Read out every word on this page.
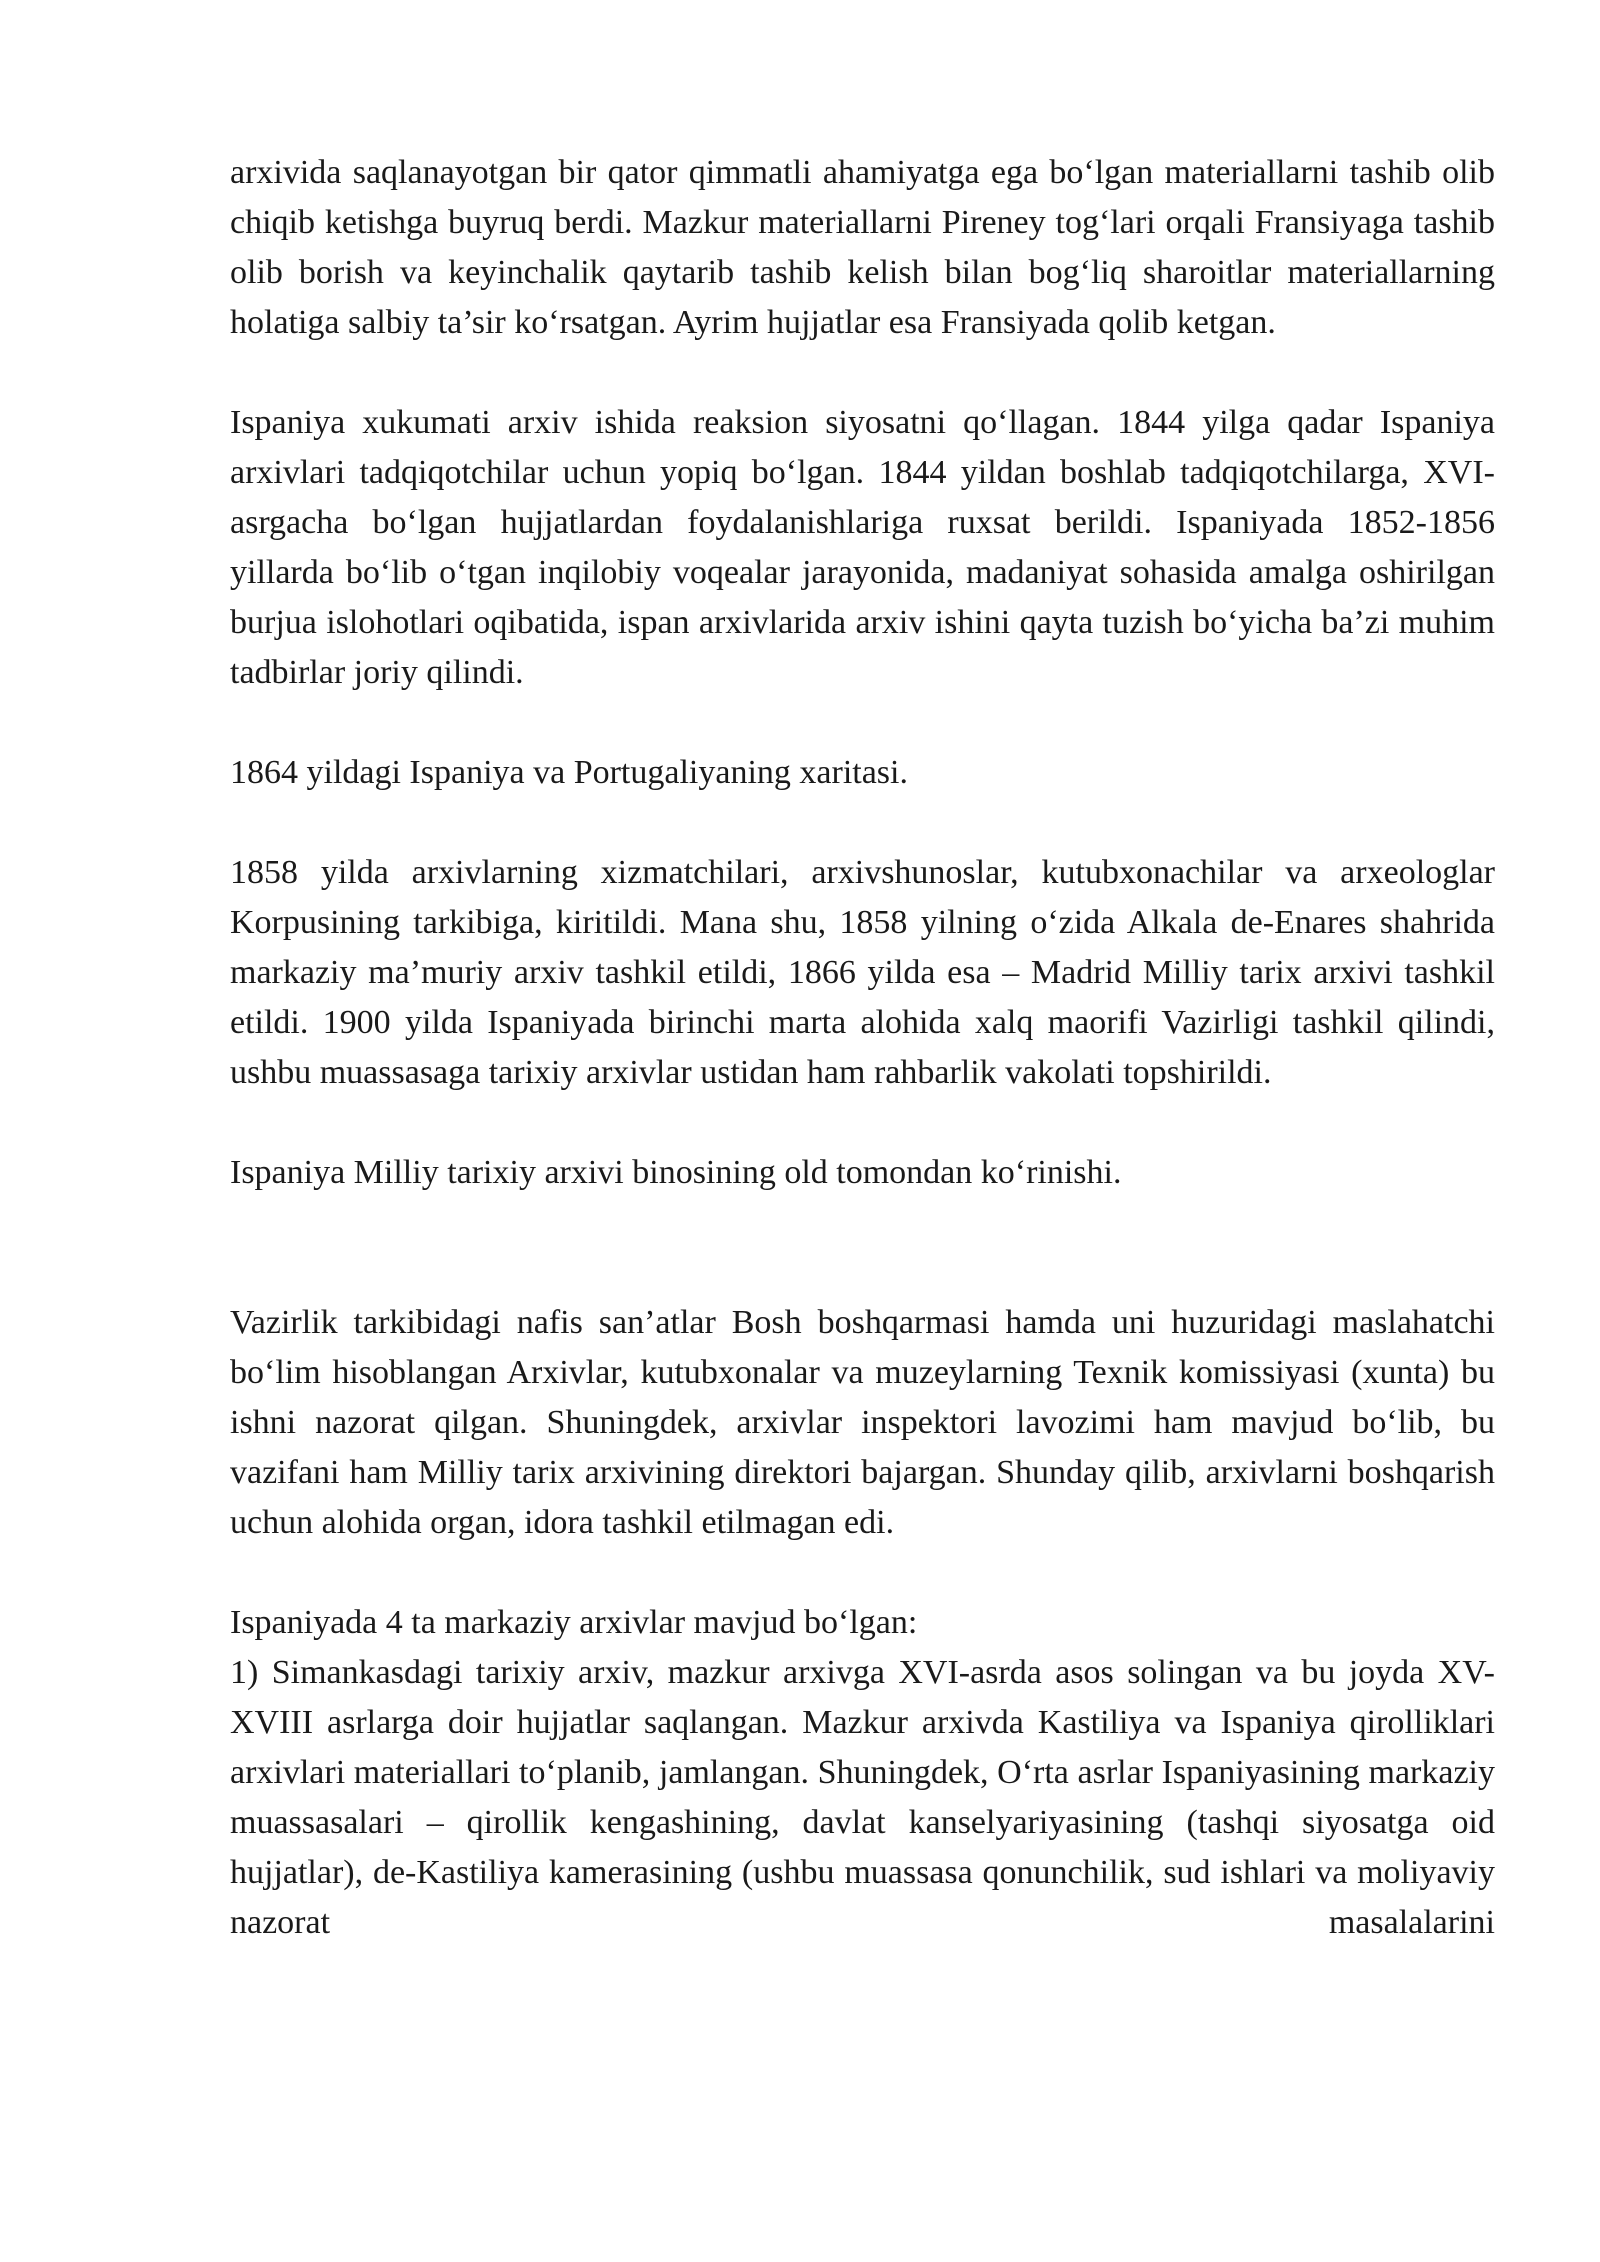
arxivida saqlanayotgan bir qator qimmatli ahamiyatga ega bo‘lgan materiallarni tashib olib chiqib ketishga buyruq berdi. Mazkur materiallarni Pireney tog‘lari orqali Fransiyaga tashib olib borish va keyinchalik qaytarib tashib kelish bilan bog‘liq sharoitlar materiallarning holatiga salbiy ta’sir ko‘rsatgan. Ayrim hujjatlar esa Fransiyada qolib ketgan.

Ispaniya xukumati arxiv ishida reaksion siyosatni qo‘llagan. 1844 yilga qadar Ispaniya arxivlari tadqiqotchilar uchun yopiq bo‘lgan. 1844 yildan boshlab tadqiqotchilarga, XVI-asrgacha bo‘lgan hujjatlardan foydalanishlariga ruxsat berildi. Ispaniyada 1852-1856 yillarda bo‘lib o‘tgan inqilobiy voqealar jarayonida, madaniyat sohasida amalga oshirilgan burjua islohotlari oqibatida, ispan arxivlarida arxiv ishini qayta tuzish bo‘yicha ba’zi muhim tadbirlar joriy qilindi.

1864 yildagi Ispaniya va Portugaliyaning xaritasi.

1858 yilda arxivlarning xizmatchilari, arxivshunoslar, kutubxonachilar va arxeologlar Korpusining tarkibiga, kiritildi. Mana shu, 1858 yilning o‘zida Alkala de-Enares shahrida markaziy ma’muriy arxiv tashkil etildi, 1866 yilda esa – Madrid Milliy tarix arxivi tashkil etildi. 1900 yilda Ispaniyada birinchi marta alohida xalq maorifi Vazirligi tashkil qilindi, ushbu muassasaga tarixiy arxivlar ustidan ham rahbarlik vakolati topshirildi.

Ispaniya Milliy tarixiy arxivi binosining old tomondan ko‘rinishi.

Vazirlik tarkibidagi nafis san’atlar Bosh boshqarmasi hamda uni huzuridagi maslahatchi bo‘lim hisoblangan Arxivlar, kutubxonalar va muzeylarning Texnik komissiyasi (xunta) bu ishni nazorat qilgan. Shuningdek, arxivlar inspektori lavozimi ham mavjud bo‘lib, bu vazifani ham Milliy tarix arxivining direktori bajargan. Shunday qilib, arxivlarni boshqarish uchun alohida organ, idora tashkil etilmagan edi.

Ispaniyada 4 ta markaziy arxivlar mavjud bo‘lgan:

1) Simankasdagi tarixiy arxiv, mazkur arxivga XVI-asrda asos solingan va bu joyda XV-XVIII asrlarga doir hujjatlar saqlangan. Mazkur arxivda Kastiliya va Ispaniya qirolliklari arxivlari materiallari to‘planib, jamlangan. Shuningdek, O‘rta asrlar Ispaniyasining markaziy muassasalari – qirollik kengashining, davlat kanselyariyasining (tashqi siyosatga oid hujjatlar), de-Kastiliya kamerasining (ushbu muassasa qonunchilik, sud ishlari va moliyaviy nazorat masalalarini
